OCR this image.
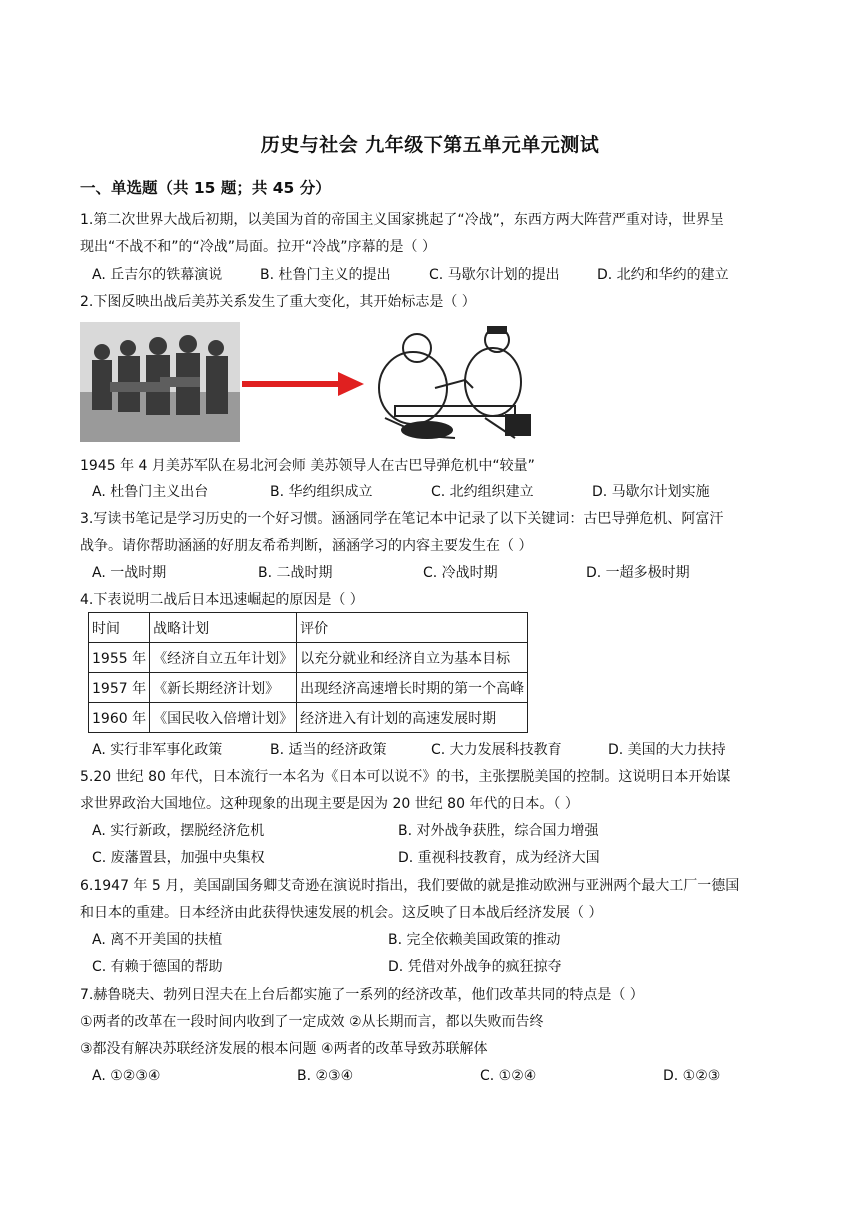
历史与社会 九年级下第五单元单元测试
一、单选题（共 15 题；共 45 分）
1.第二次世界大战后初期，以美国为首的帝国主义国家挑起了“冷战”，东西方两大阵营严重对诗，世界呈
现出“不战不和”的“冷战”局面。拉开“冷战”序幕的是（ ）
A. 丘吉尔的铁幕演说	B. 杜鲁门主义的提出	C. 马歇尔计划的提出	D. 北约和华约的建立
2.下图反映出战后美苏关系发生了重大变化，其开始标志是（ ）
1945 年 4 月美苏军队在易北河会师 美苏领导人在古巴导弹危机中“较量”
A. 杜鲁门主义出台	B. 华约组织成立	C. 北约组织建立	D. 马歇尔计划实施
3.写读书笔记是学习历史的一个好习惯。涵涵同学在笔记本中记录了以下关键词：古巴导弹危机、阿富汗
战争。请你帮助涵涵的好朋友希希判断，涵涵学习的内容主要发生在（ ）
A. 一战时期	B. 二战时期	C. 冷战时期	D. 一超多极时期
4.下表说明二战后日本迅速崛起的原因是（ ）
时间	战略计划	评价
1955 年	《经济自立五年计划》	以充分就业和经济自立为基本目标
1957 年	《新长期经济计划》	出现经济高速增长时期的第一个高峰
1960 年	《国民收入倍增计划》	经济进入有计划的高速发展时期
A. 实行非军事化政策	B. 适当的经济政策	C. 大力发展科技教育	D. 美国的大力扶持
5.20 世纪 80 年代，日本流行一本名为《日本可以说不》的书，主张摆脱美国的控制。这说明日本开始谋
求世界政治大国地位。这种现象的出现主要是因为 20 世纪 80 年代的日本。（ ）
A. 实行新政，摆脱经济危机	B. 对外战争获胜，综合国力增强
C. 废藩置县，加强中央集权	D. 重视科技教育，成为经济大国
6.1947 年 5 月，美国副国务卿艾奇逊在演说时指出，我们要做的就是推动欧洲与亚洲两个最大工厂一德国
和日本的重建。日本经济由此获得快速发展的机会。这反映了日本战后经济发展（ ）
A. 离不开美国的扶植	B. 完全依赖美国政策的推动
C. 有赖于德国的帮助	D. 凭借对外战争的疯狂掠夺
7.赫鲁晓夫、勃列日涅夫在上台后都实施了一系列的经济改革，他们改革共同的特点是（ ）
①两者的改革在一段时间内收到了一定成效 ②从长期而言，都以失败而告终
③都没有解决苏联经济发展的根本问题 ④两者的改革导致苏联解体
A. ①②③④	B. ②③④	C. ①②④	D. ①②③
